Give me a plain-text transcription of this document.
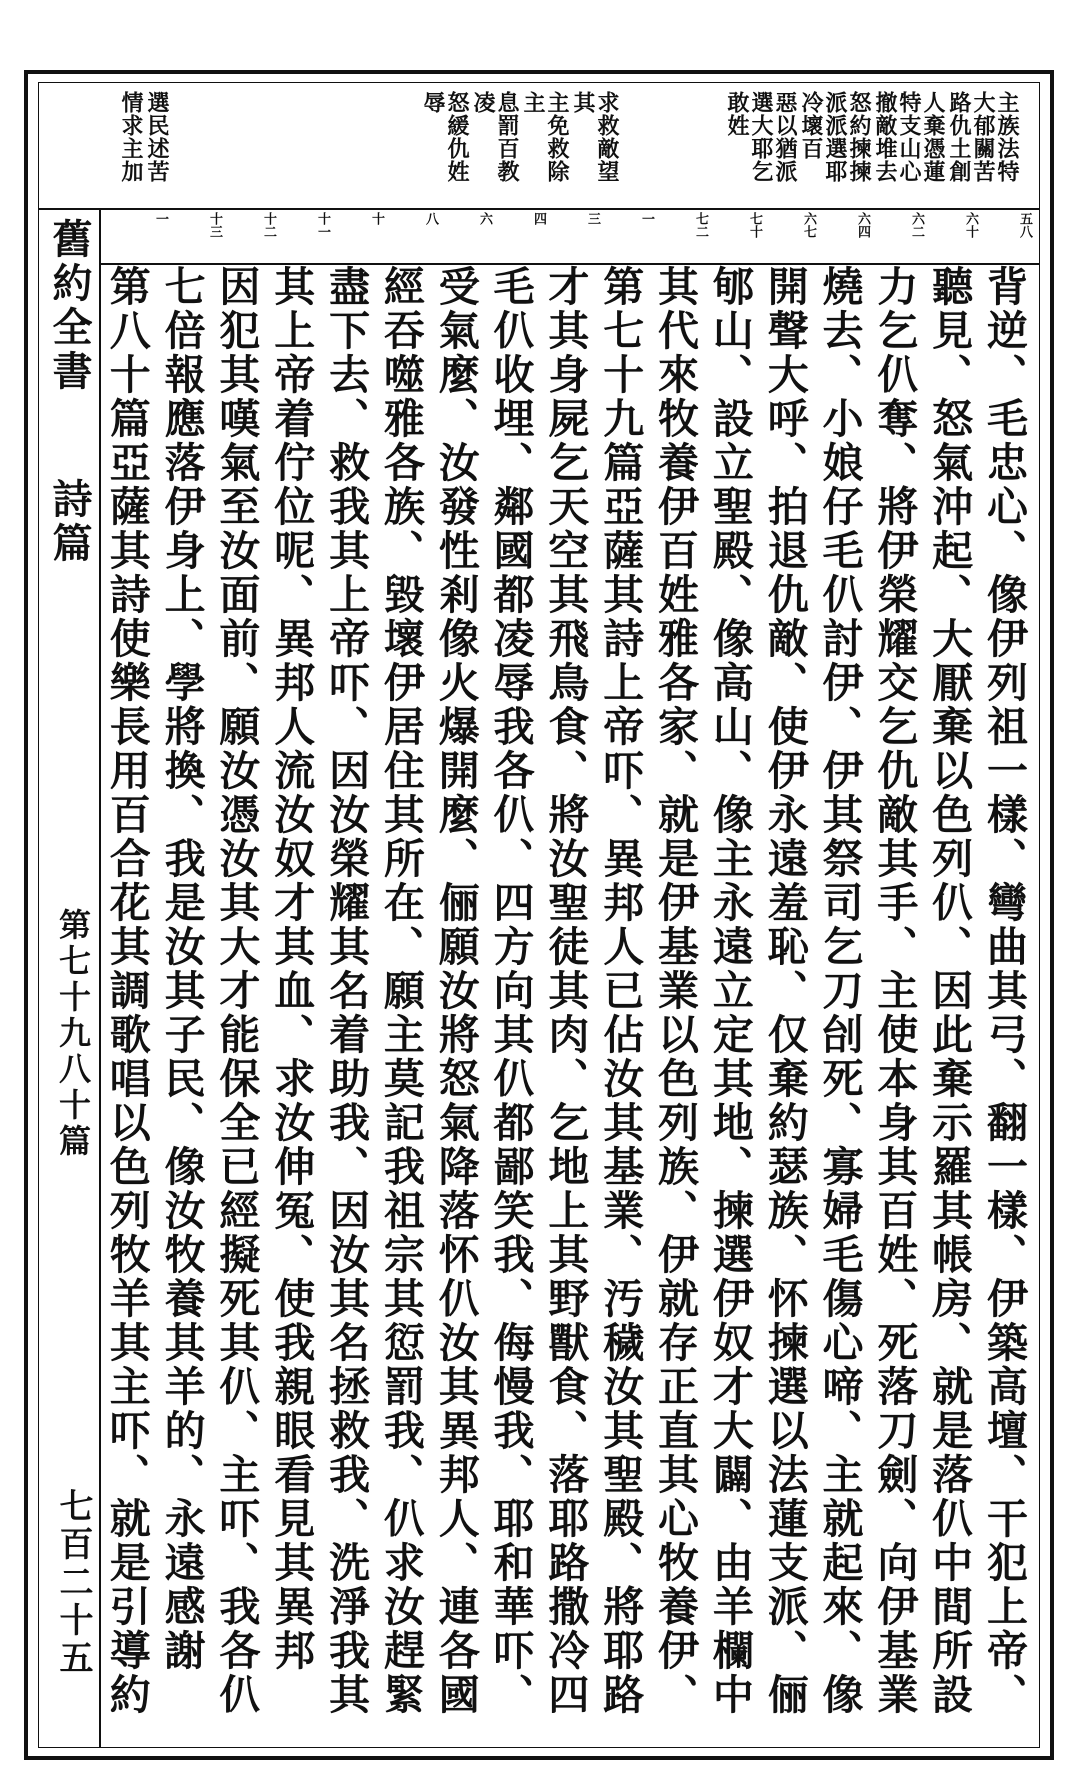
主族法特大郁關苦路仇土創
人棄憑蓮特支山心撤敵堆去
怒約揀揀派派選耶冷壞百
惡以猶派選大耶乞敢姓
求救敵望其
主免救除主
息罰百教凌
怒緩仇姓辱
選民述苦
情求主加
舊約全書
詩篇
第七十九八十篇
七百二十五
五八
六十
六二
六四
六七
七十
七二
一
三
四
六
八
十
十一
十二
十三
一
背逆、毛忠心、像伊列祖一樣、彎曲其弓、翻一樣、伊築高壇、干犯上帝、
聽見、怒氣沖起、大厭棄以色列仈、因此棄示羅其帳房、就是落仈中間所設
力乞仈奪、將伊榮耀交乞仇敵其手、主使本身其百姓、死落刀劍、向伊基業
燒去、小娘仔毛仈討伊、伊其祭司乞刀刣死、寡婦毛傷心啼、主就起來、像
開聲大呼、拍退仇敵、使伊永遠羞恥、仅棄約瑟族、怀揀選以法蓮支派、俪
郇山、設立聖殿、像高山、像主永遠立定其地、揀選伊奴才大闢、由羊欄中
其代來牧養伊百姓雅各家、就是伊基業以色列族、伊就存正直其心牧養伊、
第七十九篇亞薩其詩上帝吓、異邦人已佔汝其基業、汚穢汝其聖殿、將耶路
才其身屍乞天空其飛鳥食、將汝聖徒其肉、乞地上其野獸食、落耶路撒冷四
毛仈收埋、鄰國都凌辱我各仈、四方向其仈都鄙笑我、侮慢我、耶和華吓、
受氣麼、汝發性剎像火爆開麼、俪願汝將怒氣降落怀仈汝其異邦人、連各國
經吞噬雅各族、毀壞伊居住其所在、願主莫記我祖宗其愆罰我、仈求汝趕緊
盡下去、救我其上帝吓、因汝榮耀其名着助我、因汝其名拯救我、洗淨我其
其上帝着佇位呢、異邦人流汝奴才其血、求汝伸冤、使我親眼看見其異邦
因犯其嘆氣至汝面前、願汝憑汝其大才能保全已經擬死其仈、主吓、我各仈
七倍報應落伊身上、學將換、我是汝其子民、像汝牧養其羊的、永遠感謝
第八十篇亞薩其詩使樂長用百合花其調歌唱以色列牧羊其主吓、就是引導約
